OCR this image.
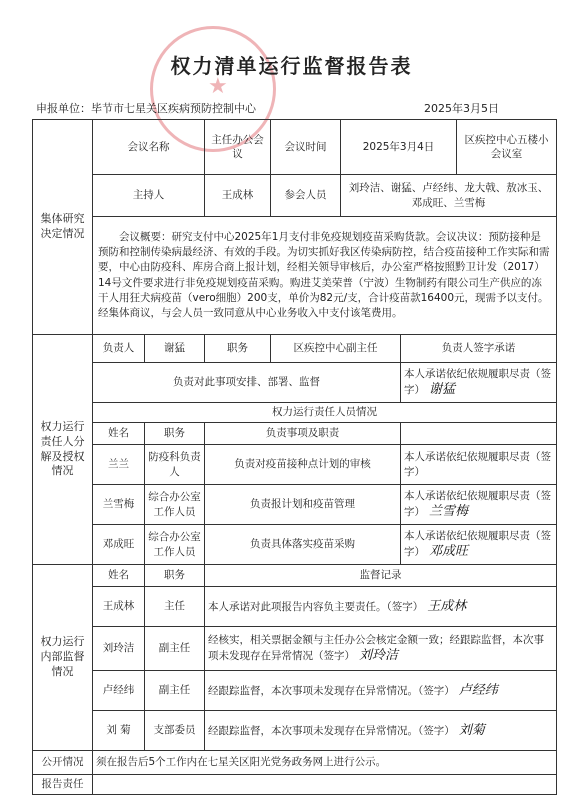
★
权力清单运行监督报告表
申报单位：毕节市七星关区疾病预防控制中心	2025年3月5日
集体研究决定情况	会议名称		主任办公会议	会议时间	2025年3月4日		区疾控中心五楼小会议室
	主持人		王成林	参会人员	刘玲洁、谢猛、卢经纬、龙大戟、敖冰玉、邓成旺、兰雪梅		
	会议概要：研究支付中心2025年1月支付非免疫规划疫苗采购货款。会议决议：预防接种是预防和控制传染病最经济、有效的手段。为切实抓好我区传染病防控，结合疫苗接种工作实际和需要，中心由防疫科、库房合商上报计划，经相关领导审核后，办公室严格按照黔卫计发（2017）14号文件要求进行非免疫规划疫苗采购。购进艾美荣普（宁波）生物制药有限公司生产供应的冻干人用狂犬病疫苗（vero细胞）200支，单价为82元/支，合计疫苗款16400元，现需予以支付。经集体商议，与会人员一致同意从中心业务收入中支付该笔费用。						
权力运行责任人分解及授权情况	负责人	谢猛	职务	区疾控中心副主任		负责人签字承诺	
	负责对此事项安排、部署、监督					本人承诺依纪依规履职尽责（签字） 谢猛	
	权力运行责任人员情况						
	姓名	职务	负责事项及职责				
	兰兰	防疫科负责人	负责对疫苗接种点计划的审核			本人承诺依纪依规履职尽责（签字）	
	兰雪梅	综合办公室工作人员	负责报计划和疫苗管理			本人承诺依纪依规履职尽责（签字） 兰雪梅	
	邓成旺	综合办公室工作人员	负责具体落实疫苗采购			本人承诺依纪依规履职尽责（签字） 邓成旺	
权力运行内部监督情况	姓名	职务	监督记录				
	王成林	主任	本人承诺对此项报告内容负主要责任。（签字） 王成林				
	刘玲洁	副主任	经核实，相关票据金额与主任办公会核定金额一致；经跟踪监督，本次事项未发现存在异常情况（签字） 刘玲洁				
	卢经纬	副主任	经跟踪监督，本次事项未发现存在异常情况。（签字） 卢经纬				
	刘 菊	支部委员	经跟踪监督，本次事项未发现存在异常情况。（签字） 刘菊				
公开情况	须在报告后5个工作内在七星关区阳光党务政务网上进行公示。						
报告责任							
